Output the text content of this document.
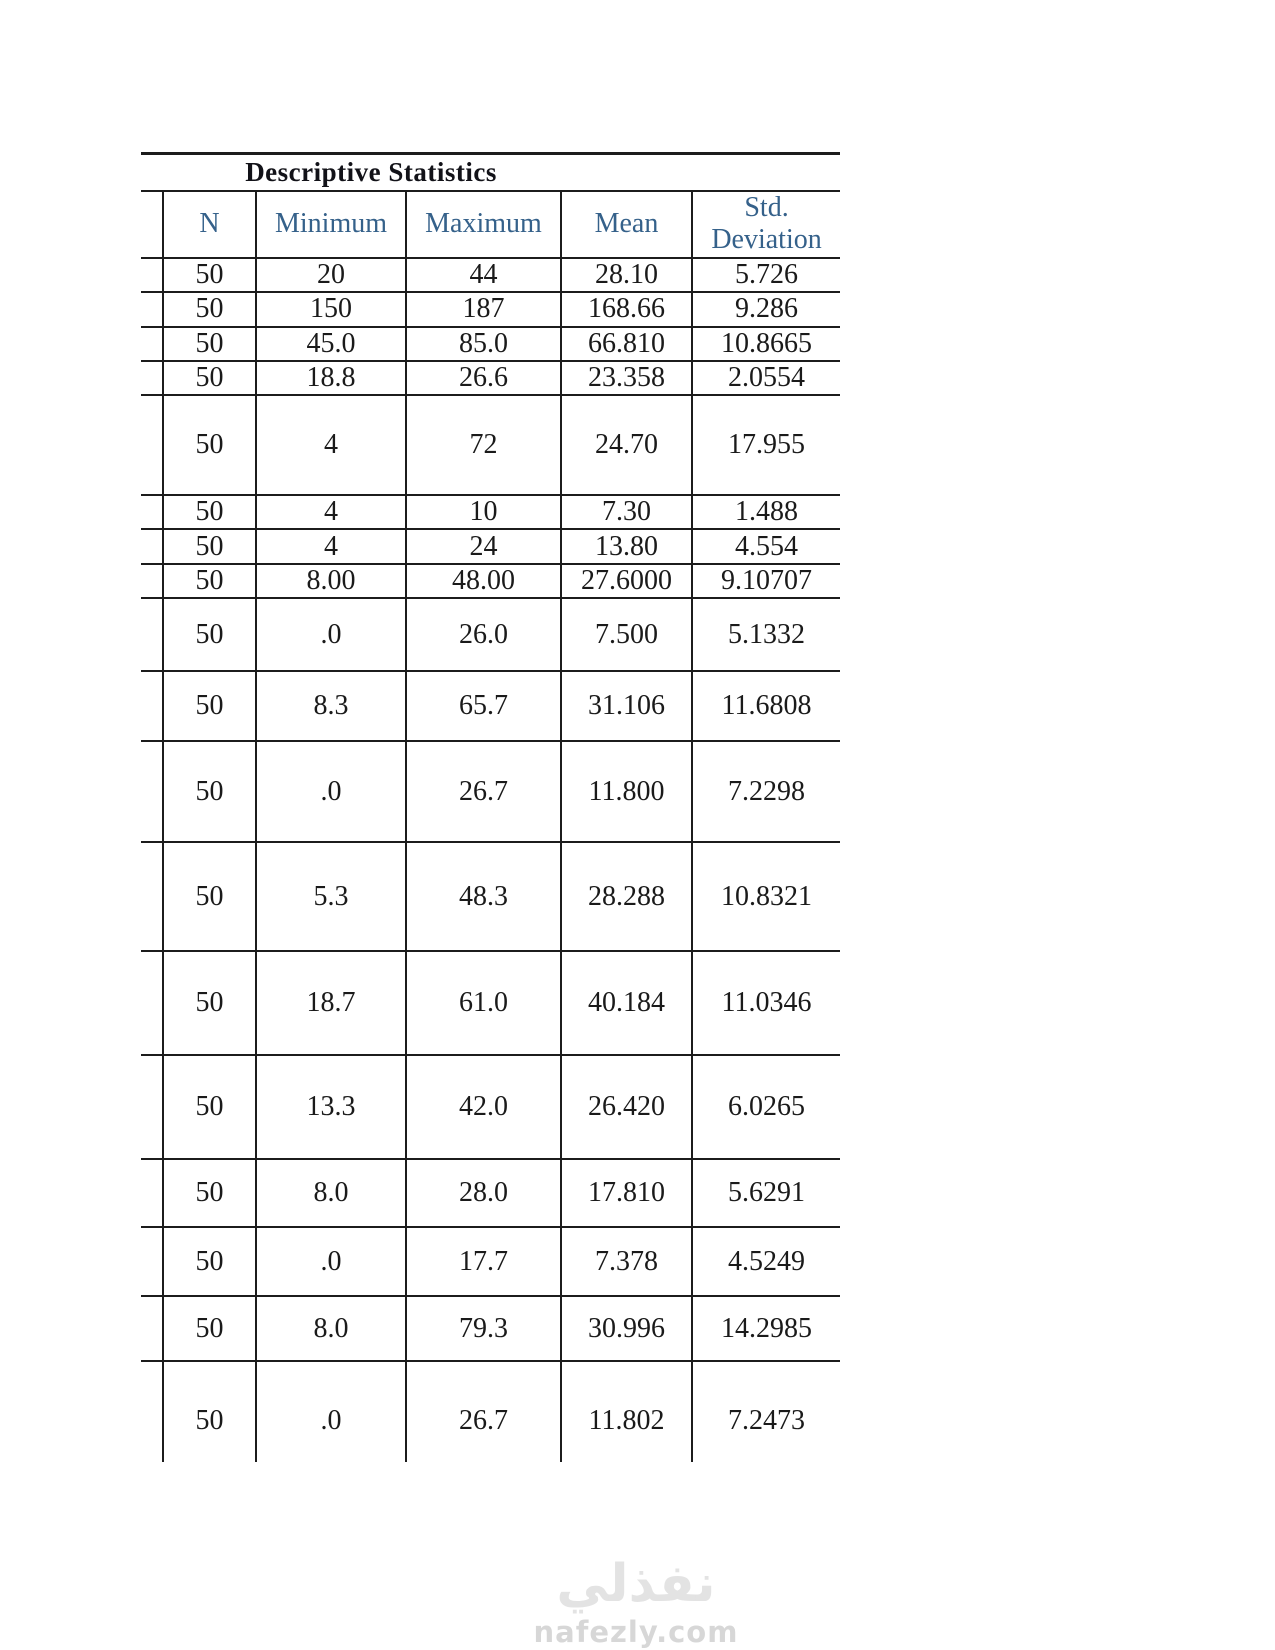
Descriptive Statistics					
	N	Minimum	Maximum	Mean	Std. Deviation
	50	20	44	28.10	5.726
	50	150	187	168.66	9.286
	50	45.0	85.0	66.810	10.8665
	50	18.8	26.6	23.358	2.0554
	50	4	72	24.70	17.955
	50	4	10	7.30	1.488
	50	4	24	13.80	4.554
	50	8.00	48.00	27.6000	9.10707
	50	.0	26.0	7.500	5.1332
	50	8.3	65.7	31.106	11.6808
	50	.0	26.7	11.800	7.2298
	50	5.3	48.3	28.288	10.8321
	50	18.7	61.0	40.184	11.0346
	50	13.3	42.0	26.420	6.0265
	50	8.0	28.0	17.810	5.6291
	50	.0	17.7	7.378	4.5249
	50	8.0	79.3	30.996	14.2985
	50	.0	26.7	11.802	7.2473
نفذلي
nafezly.com
